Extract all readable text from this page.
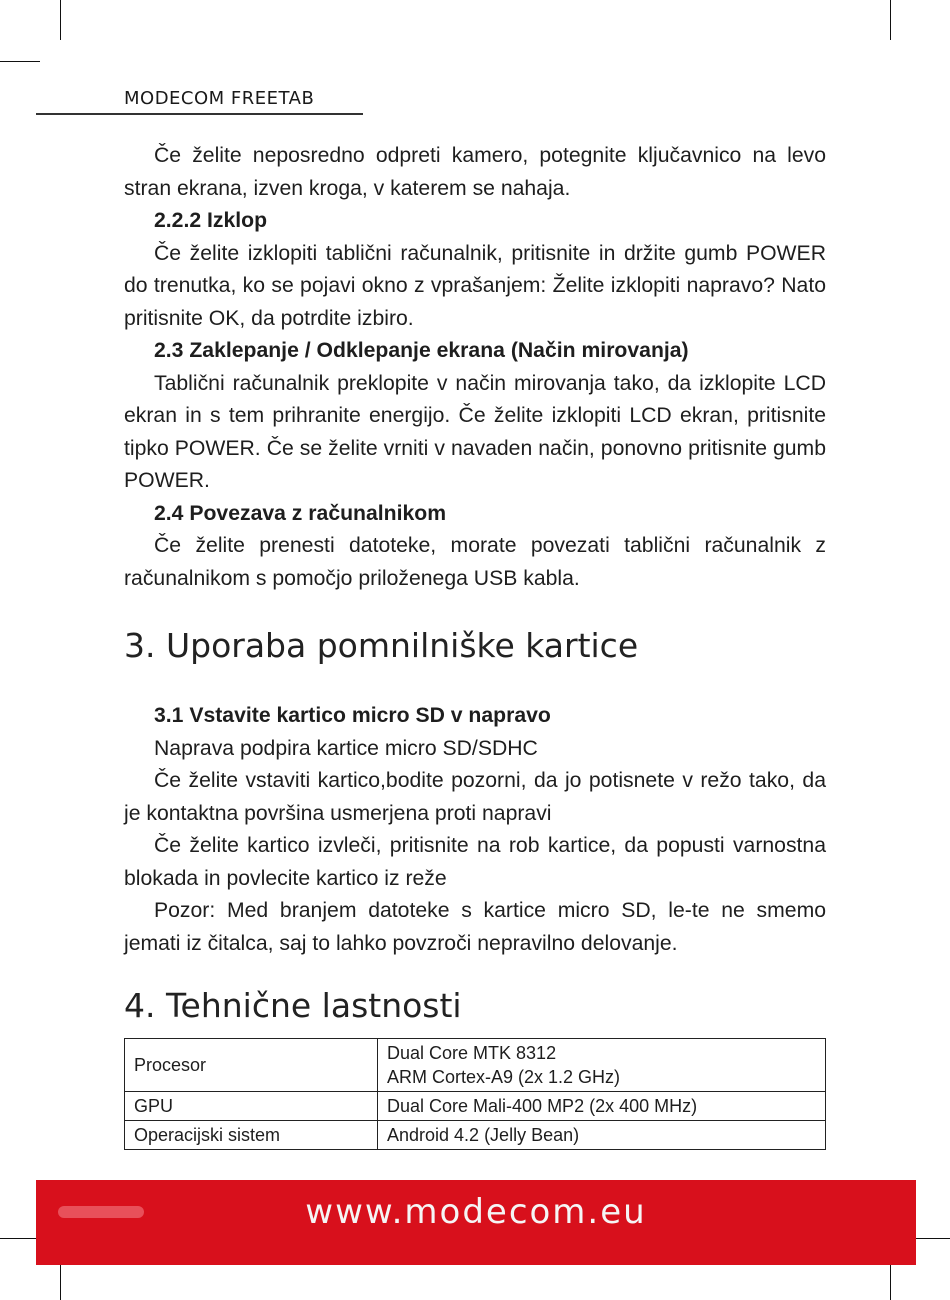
MODECOM FREETAB

Če želite neposredno odpreti kamero, potegnite ključavnico na levo stran ekrana, izven kroga, v katerem se nahaja.

2.2.2 Izklop

Če želite izklopiti tablični računalnik, pritisnite in držite gumb POWER do trenutka, ko se pojavi okno z vprašanjem: Želite izklopiti napravo? Nato pritisnite OK, da potrdite izbiro.

2.3 Zaklepanje / Odklepanje ekrana (Način mirovanja)

Tablični računalnik preklopite v način mirovanja tako, da izklopite LCD ekran in s tem prihranite energijo. Če želite izklopiti LCD ekran, pritisnite tipko POWER. Če se želite vrniti v navaden način, ponovno pritisnite gumb POWER.

2.4 Povezava z računalnikom

Če želite prenesti datoteke, morate povezati tablični računalnik z računalnikom s pomočjo priloženega USB kabla.

3. Uporaba pomnilniške kartice

3.1 Vstavite kartico micro SD v napravo

Naprava podpira kartice micro SD/SDHC

Če želite vstaviti kartico,bodite pozorni, da jo potisnete v režo tako, da je kontaktna površina usmerjena proti napravi

Če želite kartico izvleči, pritisnite na rob kartice, da popusti varnostna blokada in povlecite kartico iz reže

Pozor: Med branjem datoteke s kartice micro SD, le-te ne smemo jemati iz čitalca, saj to lahko povzroči nepravilno delovanje.

4. Tehnične lastnosti
Procesor	Dual Core MTK 8312
ARM Cortex-A9 (2x 1.2 GHz)

GPU	Dual Core Mali-400 MP2 (2x 400 MHz)
Operacijski sistem	Android 4.2 (Jelly Bean)
www.modecom.eu
